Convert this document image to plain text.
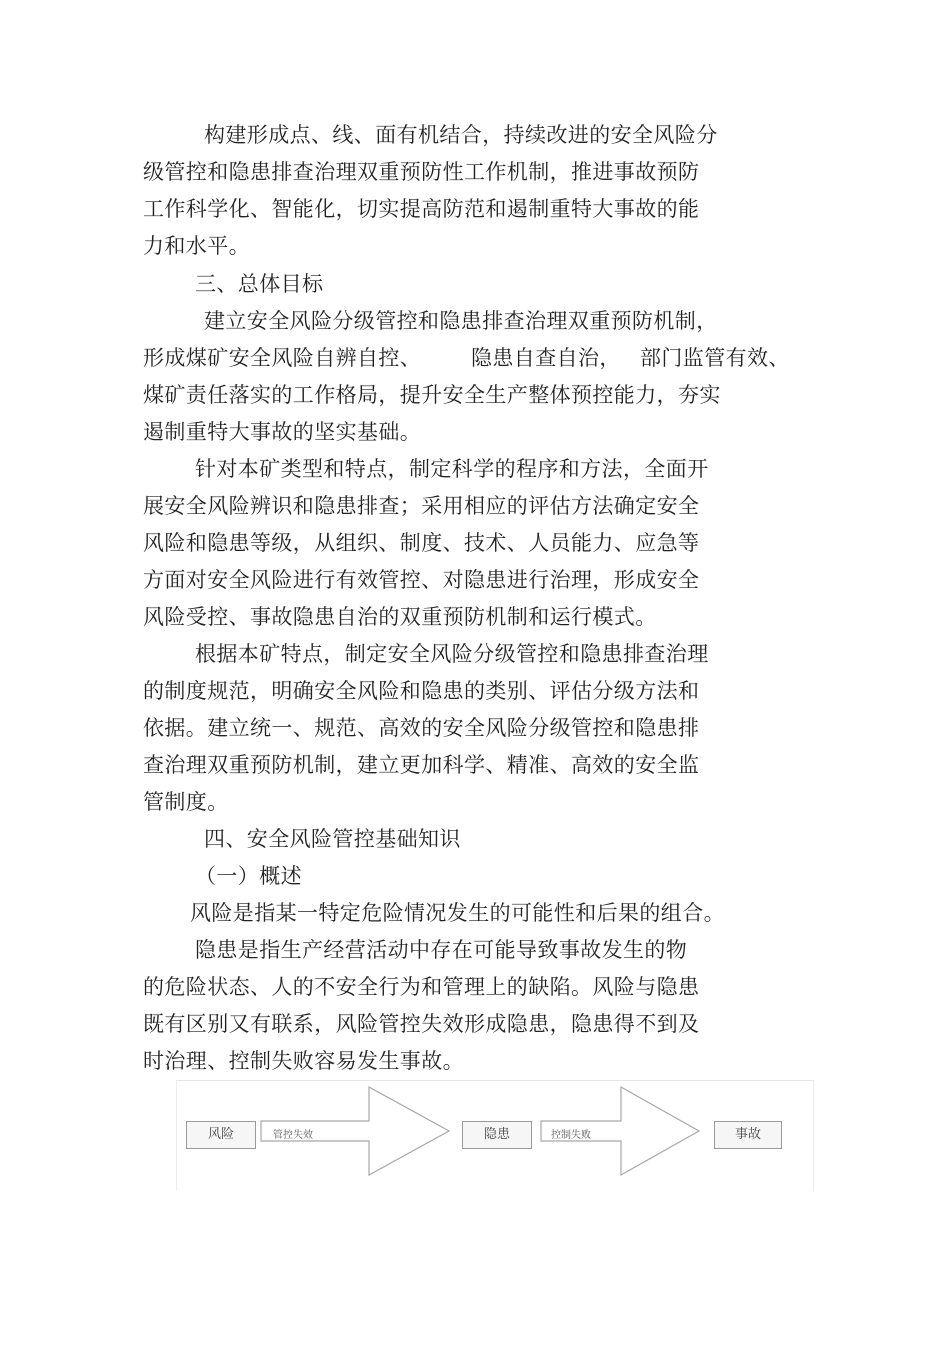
构建形成点、线、面有机结合，持续改进的安全风险分
级管控和隐患排查治理双重预防性工作机制，推进事故预防
工作科学化、智能化，切实提高防范和遏制重特大事故的能
力和水平。
三、总体目标
建立安全风险分级管控和隐患排查治理双重预防机制，
形成煤矿安全风险自辨自控、 隐患自查自治， 部门监管有效、
煤矿责任落实的工作格局，提升安全生产整体预控能力，夯实
遏制重特大事故的坚实基础。
针对本矿类型和特点，制定科学的程序和方法，全面开
展安全风险辨识和隐患排查；采用相应的评估方法确定安全
风险和隐患等级，从组织、制度、技术、人员能力、应急等
方面对安全风险进行有效管控、对隐患进行治理，形成安全
风险受控、事故隐患自治的双重预防机制和运行模式。
根据本矿特点，制定安全风险分级管控和隐患排查治理
的制度规范，明确安全风险和隐患的类别、评估分级方法和
依据。建立统一、规范、高效的安全风险分级管控和隐患排
查治理双重预防机制，建立更加科学、精准、高效的安全监
管制度。
四、安全风险管控基础知识
（一）概述
风险是指某一特定危险情况发生的可能性和后果的组合。
隐患是指生产经营活动中存在可能导致事故发生的物
的危险状态、人的不安全行为和管理上的缺陷。风险与隐患
既有区别又有联系，风险管控失效形成隐患，隐患得不到及
时治理、控制失败容易发生事故。
风险	管控失效	隐患	控制失败	事故
